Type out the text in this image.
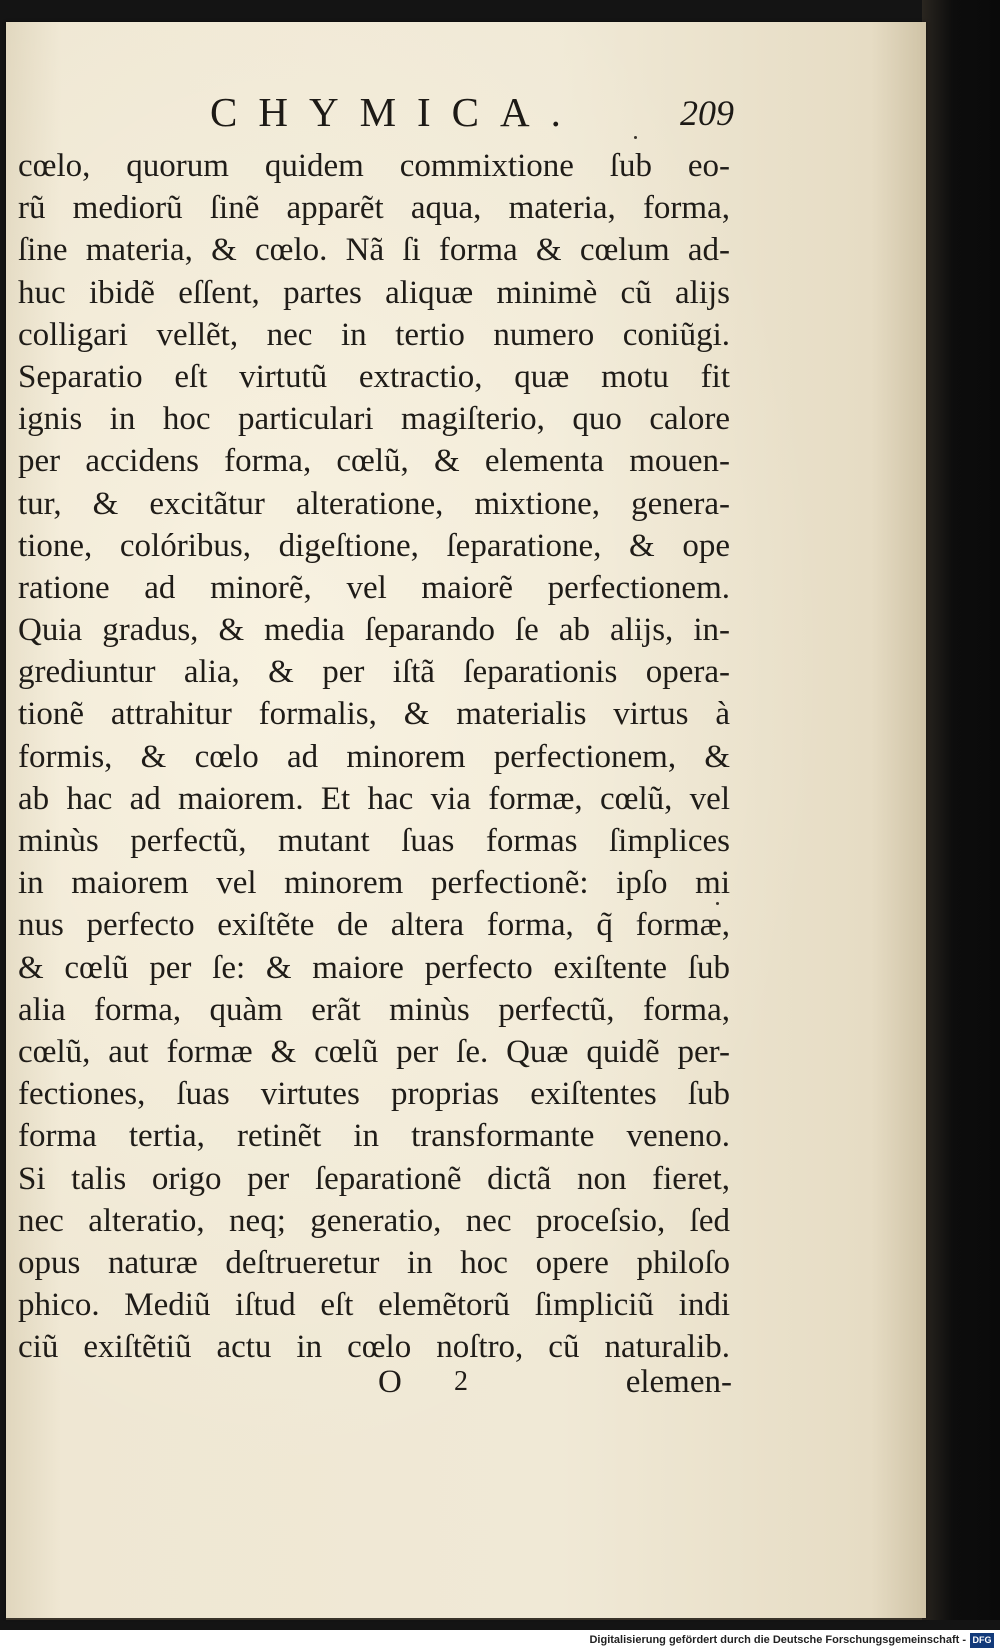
CHYMICA.	209
cœlo, quorum quidem commixtione ſub eo-
rũ mediorũ ſinẽ apparẽt aqua, materia, forma,
ſine materia, & cœlo. Nã ſi forma & cœlum ad-
huc ibidẽ eſſent, partes aliquæ minimè cũ alijs
colligari vellẽt, nec in tertio numero coniũgi.
Separatio eſt virtutũ extractio, quæ motu fit
ignis in hoc particulari magiſterio, quo calore
per accidens forma, cœlũ, & elementa mouen-
tur, & excitãtur alteratione, mixtione, genera-
tione, colóribus, digeſtione, ſeparatione, & ope
ratione ad minorẽ, vel maiorẽ perfectionem.
Quia gradus, & media ſeparando ſe ab alijs, in-
grediuntur alia, & per iſtã ſeparationis opera-
tionẽ attrahitur formalis, & materialis virtus à
formis, & cœlo ad minorem perfectionem, &
ab hac ad maiorem. Et hac via formæ, cœlũ, vel
minùs perfectũ, mutant ſuas formas ſimplices
in maiorem vel minorem perfectionẽ: ipſo mi
nus perfecto exiſtẽte de altera forma, q̃ formæ,
& cœlũ per ſe: & maiore perfecto exiſtente ſub
alia forma, quàm erãt minùs perfectũ, forma,
cœlũ, aut formæ & cœlũ per ſe. Quæ quidẽ per-
fectiones, ſuas virtutes proprias exiſtentes ſub
forma tertia, retinẽt in transformante veneno.
Si talis origo per ſeparationẽ dictã non fieret,
nec alteratio, neq; generatio, nec proceſsio, ſed
opus naturæ deſtrueretur in hoc opere philoſo
phico. Mediũ iſtud eſt elemẽtorũ ſimpliciũ indi
ciũ exiſtẽtiũ actu in cœlo noſtro, cũ naturalib.
O 2	elemen-
Digitalisierung gefördert durch die Deutsche Forschungsgemeinschaft - DFG
